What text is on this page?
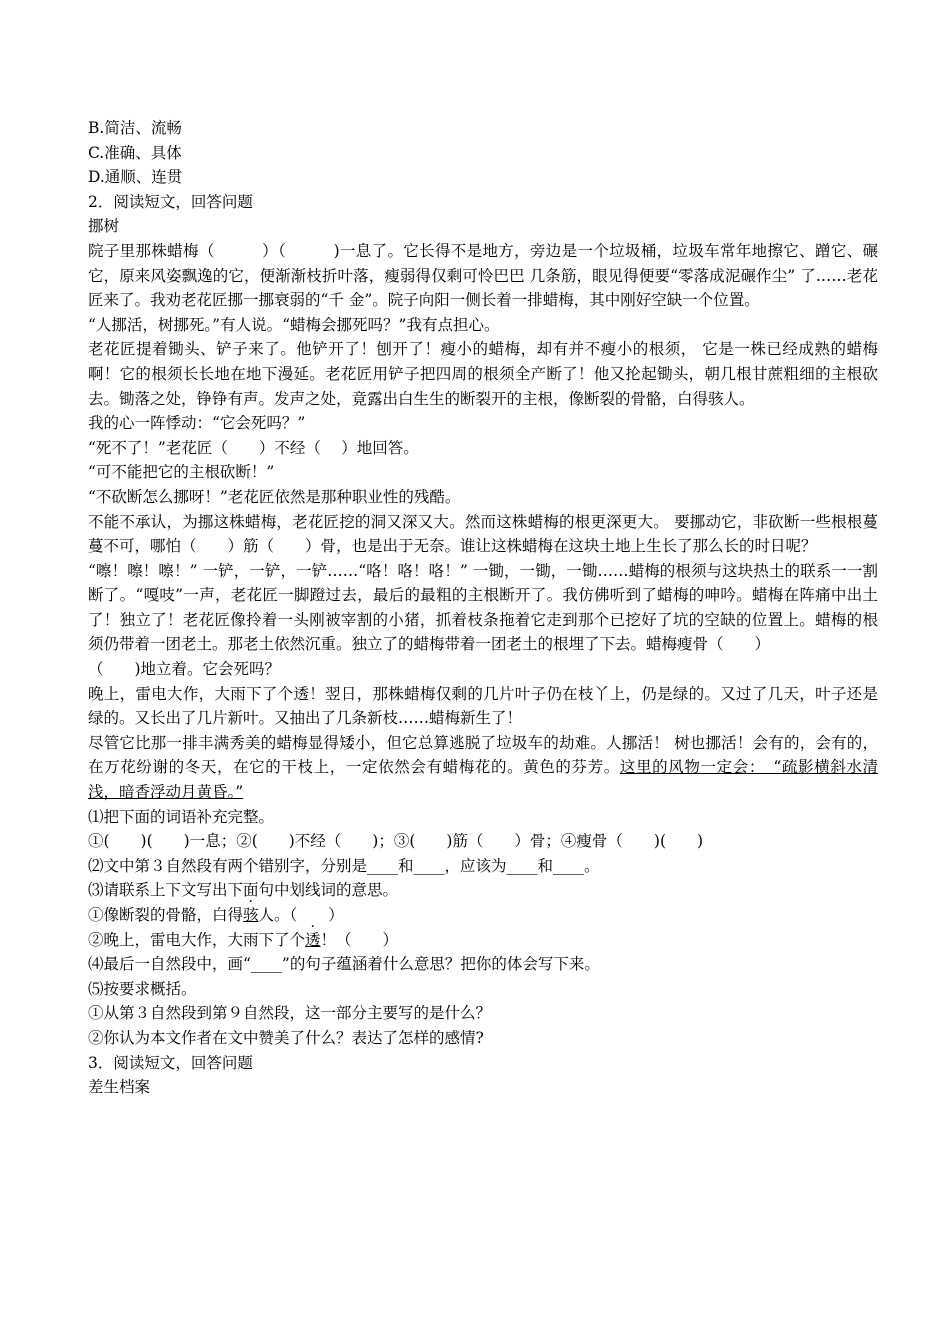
B.简洁、流畅

C.准确、具体

D.通顺、连贯

2．阅读短文，回答问题

挪树

院子里那株蜡梅（　　　）（　　　)一息了。它长得不是地方，旁边是一个垃圾桶，垃圾车常年地擦它、蹭它、碾它，原来风姿飘逸的它，便渐渐枝折叶落，瘦弱得仅剩可怜巴巴 几条筋，眼见得便要“零落成泥碾作尘” 了……老花匠来了。我劝老花匠挪一挪衰弱的“千 金”。院子向阳一侧长着一排蜡梅，其中刚好空缺一个位置。

“人挪活，树挪死。”有人说。“蜡梅会挪死吗？”我有点担心。

老花匠提着锄头、铲子来了。他铲开了！刨开了！瘦小的蜡梅，却有并不瘦小的根须， 它是一株已经成熟的蜡梅啊！它的根须长长地在地下漫延。老花匠用铲子把四周的根须全产断了！他又抡起锄头，朝几根甘蔗粗细的主根砍去。锄落之处，铮铮有声。发声之处，竟露出白生生的断裂开的主根，像断裂的骨骼，白得骇人。

我的心一阵悸动：“它会死吗？”

“死不了！”老花匠（　　）不经（　 ）地回答。

“可不能把它的主根砍断！”

“不砍断怎么挪呀！”老花匠依然是那种职业性的残酷。

不能不承认，为挪这株蜡梅，老花匠挖的洞又深又大。然而这株蜡梅的根更深更大。 要挪动它，非砍断一些根根蔓蔓不可，哪怕（　　）筋（　　）骨，也是出于无奈。谁让这株蜡梅在这块土地上生长了那么长的时日呢？

“嚓！嚓！嚓！” 一铲，一铲，一铲……“咯！咯！咯！” 一锄，一锄，一锄……蜡梅的根须与这块热土的联系一一割断了。“嘎吱”一声，老花匠一脚蹬过去，最后的最粗的主根断开了。我仿佛听到了蜡梅的呻吟。蜡梅在阵痛中出土了！独立了！老花匠像拎着一头刚被宰割的小猪，抓着枝条拖着它走到那个已挖好了坑的空缺的位置上。蜡梅的根须仍带着一团老土。那老土依然沉重。独立了的蜡梅带着一团老土的根埋了下去。蜡梅瘦骨（　　）

（　　)地立着。它会死吗？

晚上，雷电大作，大雨下了个透！翌日，那株蜡梅仅剩的几片叶子仍在枝丫上，仍是绿的。又过了几天，叶子还是绿的。又长出了几片新叶。又抽出了几条新枝……蜡梅新生了！

尽管它比那一排丰满秀美的蜡梅显得矮小，但它总算逃脱了垃圾车的劫难。人挪活！ 树也挪活！会有的，会有的，在万花纷谢的冬天，在它的干枝上，一定依然会有蜡梅花的。黄色的芬芳。这里的风物一定会：　“疏影横斜水清浅，暗香浮动月黄昏。”

⑴把下面的词语补充完整。

①(　　)(　　)一息；②(　　)不经（　　)；③(　　)筋（　　）骨；④瘦骨（　　)(　　)

⑵文中第３自然段有两个错别字，分别是____和____，应该为____和____。

⑶请联系上下文写出下面句中划线词的意思。

①像断裂的骨骼，白得骇人。（　　）

②晚上，雷电大作，大雨下了个透！（　　）

⑷最后一自然段中，画“____”的句子蕴涵着什么意思？把你的体会写下来。

⑸按要求概括。

①从第３自然段到第９自然段，这一部分主要写的是什么？

②你认为本文作者在文中赞美了什么？表达了怎样的感情?

3．阅读短文，回答问题

差生档案
